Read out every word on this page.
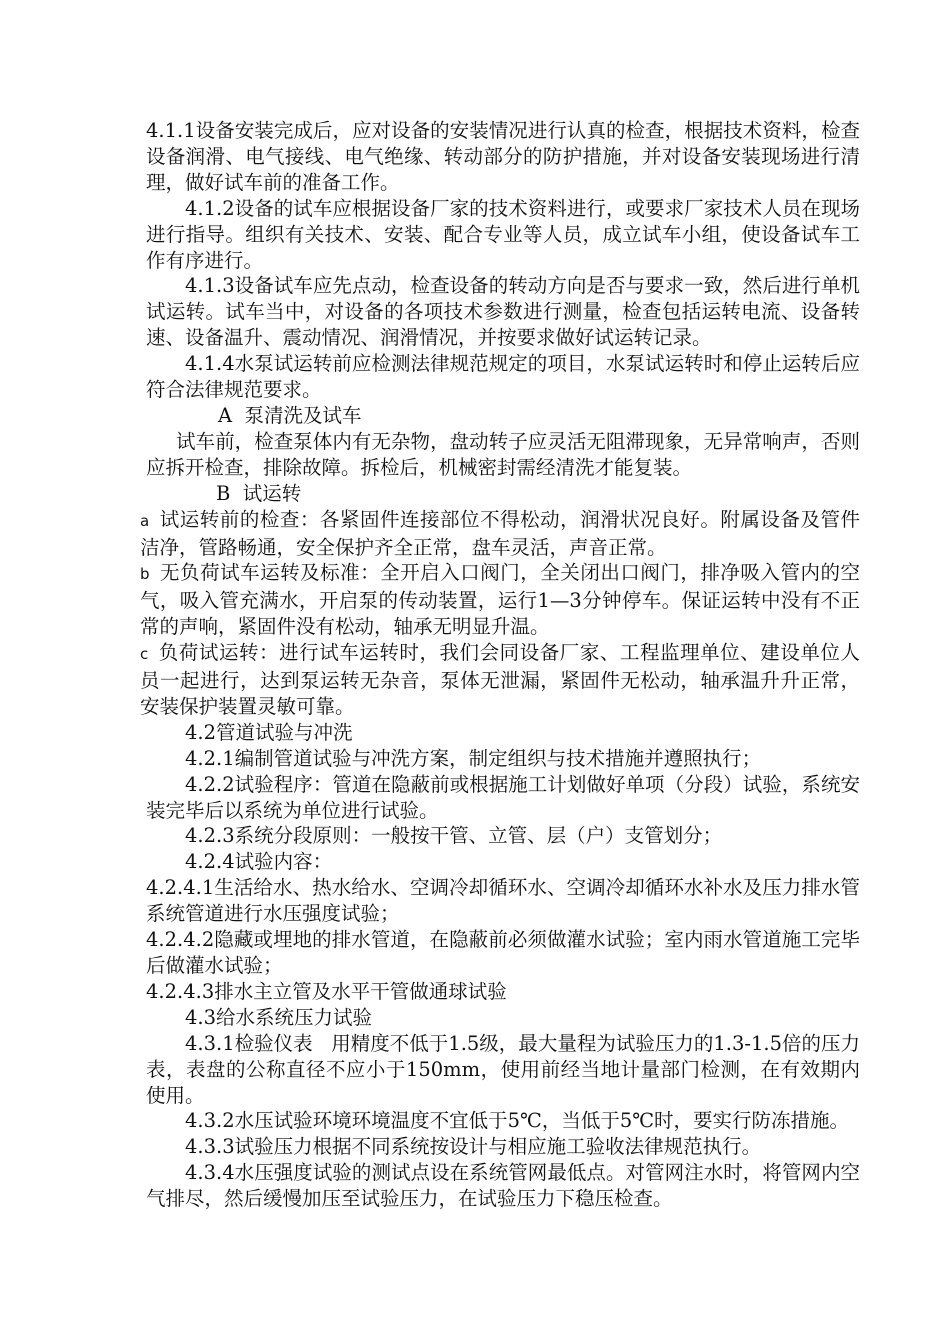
4.1.1设备安装完成后，应对设备的安装情况进行认真的检查，根据技术资料，检查设备润滑、电气接线、电气绝缘、转动部分的防护措施，并对设备安装现场进行清理，做好试车前的准备工作。

4.1.2设备的试车应根据设备厂家的技术资料进行，或要求厂家技术人员在现场进行指导。组织有关技术、安装、配合专业等人员，成立试车小组，使设备试车工作有序进行。

4.1.3设备试车应先点动，检查设备的转动方向是否与要求一致，然后进行单机试运转。试车当中，对设备的各项技术参数进行测量，检查包括运转电流、设备转速、设备温升、震动情况、润滑情况，并按要求做好试运转记录。

4.1.4水泵试运转前应检测法律规范规定的项目，水泵试运转时和停止运转后应符合法律规范要求。

A  泵清洗及试车

试车前，检查泵体内有无杂物，盘动转子应灵活无阻滞现象，无异常响声，否则应拆开检查，排除故障。拆检后，机械密封需经清洗才能复装。

B  试运转

a 试运转前的检查：各紧固件连接部位不得松动，润滑状况良好。附属设备及管件洁净，管路畅通，安全保护齐全正常，盘车灵活，声音正常。

b 无负荷试车运转及标准：全开启入口阀门，全关闭出口阀门，排净吸入管内的空气，吸入管充满水，开启泵的传动装置，运行1—3分钟停车。保证运转中没有不正常的声响，紧固件没有松动，轴承无明显升温。

c 负荷试运转：进行试车运转时，我们会同设备厂家、工程监理单位、建设单位人员一起进行，达到泵运转无杂音，泵体无泄漏，紧固件无松动，轴承温升升正常，安装保护装置灵敏可靠。

4.2管道试验与冲洗

4.2.1编制管道试验与冲洗方案，制定组织与技术措施并遵照执行；

4.2.2试验程序：管道在隐蔽前或根据施工计划做好单项（分段）试验，系统安装完毕后以系统为单位进行试验。

4.2.3系统分段原则：一般按干管、立管、层（户）支管划分；

4.2.4试验内容：

4.2.4.1生活给水、热水给水、空调冷却循环水、空调冷却循环水补水及压力排水管系统管道进行水压强度试验；

4.2.4.2隐藏或埋地的排水管道，在隐蔽前必须做灌水试验；室内雨水管道施工完毕后做灌水试验；

4.2.4.3排水主立管及水平干管做通球试验

4.3给水系统压力试验

4.3.1检验仪表   用精度不低于1.5级，最大量程为试验压力的1.3-1.5倍的压力表，表盘的公称直径不应小于150mm，使用前经当地计量部门检测，在有效期内使用。

4.3.2水压试验环境环境温度不宜低于5℃，当低于5℃时，要实行防冻措施。

4.3.3试验压力根据不同系统按设计与相应施工验收法律规范执行。

4.3.4水压强度试验的测试点设在系统管网最低点。对管网注水时，将管网内空气排尽，然后缓慢加压至试验压力，在试验压力下稳压检查。
